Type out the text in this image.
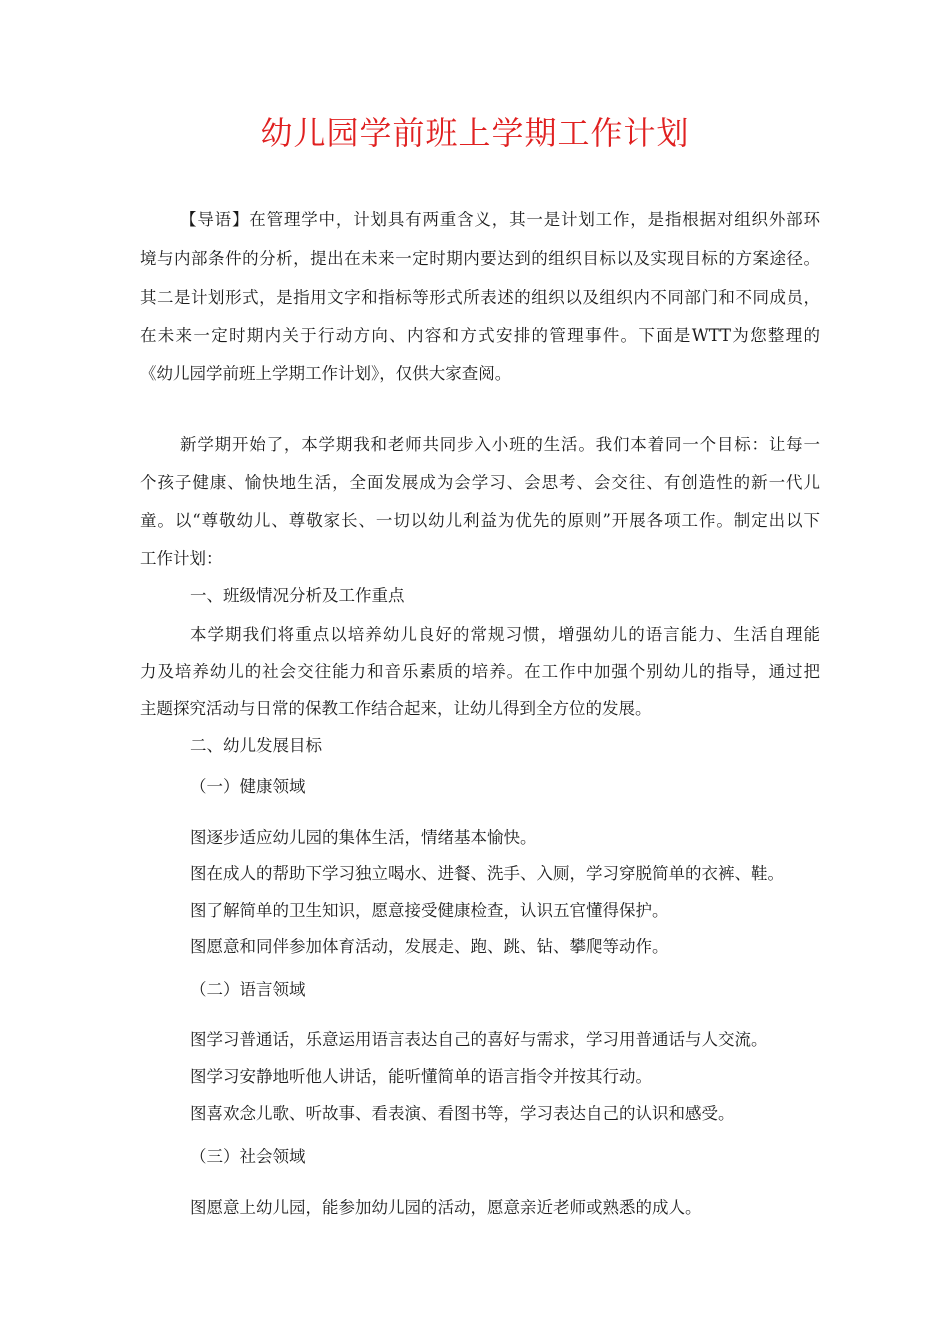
幼儿园学前班上学期工作计划
【导语】在管理学中，计划具有两重含义，其一是计划工作，是指根据对组织外部环
境与内部条件的分析，提出在未来一定时期内要达到的组织目标以及实现目标的方案途径。
其二是计划形式，是指用文字和指标等形式所表述的组织以及组织内不同部门和不同成员，
在未来一定时期内关于行动方向、内容和方式安排的管理事件。下面是WTT为您整理的
《幼儿园学前班上学期工作计划》，仅供大家查阅。
新学期开始了，本学期我和老师共同步入小班的生活。我们本着同一个目标：让每一
个孩子健康、愉快地生活，全面发展成为会学习、会思考、会交往、有创造性的新一代儿
童。以“尊敬幼儿、尊敬家长、一切以幼儿利益为优先的原则”开展各项工作。制定出以下
工作计划：
一、班级情况分析及工作重点
本学期我们将重点以培养幼儿良好的常规习惯，增强幼儿的语言能力、生活自理能
力及培养幼儿的社会交往能力和音乐素质的培养。在工作中加强个别幼儿的指导，通过把
主题探究活动与日常的保教工作结合起来，让幼儿得到全方位的发展。
二、幼儿发展目标
（一）健康领域
图逐步适应幼儿园的集体生活，情绪基本愉快。
图在成人的帮助下学习独立喝水、进餐、洗手、入厕，学习穿脱简单的衣裤、鞋。
图了解简单的卫生知识，愿意接受健康检查，认识五官懂得保护。
图愿意和同伴参加体育活动，发展走、跑、跳、钻、攀爬等动作。
（二）语言领域
图学习普通话，乐意运用语言表达自己的喜好与需求，学习用普通话与人交流。
图学习安静地听他人讲话，能听懂简单的语言指令并按其行动。
图喜欢念儿歌、听故事、看表演、看图书等，学习表达自己的认识和感受。
（三）社会领域
图愿意上幼儿园，能参加幼儿园的活动，愿意亲近老师或熟悉的成人。
